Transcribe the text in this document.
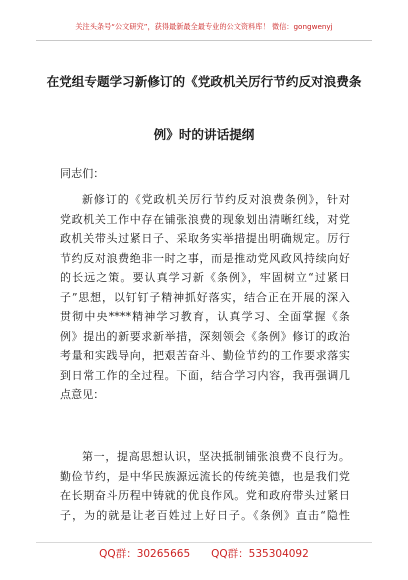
关注头条号“公文研究”，获得最新最全最专业的公文资料库！ 微信：gongwenyj
在党组专题学习新修订的《党政机关厉行节约反对浪费条
例》时的讲话提纲
同志们：
新修订的《党政机关厉行节约反对浪费条例》，针对
党政机关工作中存在铺张浪费的现象划出清晰红线，对党
政机关带头过紧日子、采取务实举措提出明确规定。厉行
节约反对浪费绝非一时之事，而是推动党风政风持续向好
的长远之策。要认真学习新《条例》，牢固树立“过紧日
子”思想，以钉钉子精神抓好落实，结合正在开展的深入
贯彻中央****精神学习教育，认真学习、全面掌握《条
例》提出的新要求新举措，深刻领会《条例》修订的政治
考量和实践导向，把艰苦奋斗、勤俭节约的工作要求落实
到日常工作的全过程。下面，结合学习内容，我再强调几
点意见：
第一，提高思想认识，坚决抵制铺张浪费不良行为。
勤俭节约，是中华民族源远流长的传统美德，也是我们党
在长期奋斗历程中铸就的优良作风。党和政府带头过紧日
子，为的就是让老百姓过上好日子。《条例》直击“隐性
QQ群：30265665　　QQ群：535304092
